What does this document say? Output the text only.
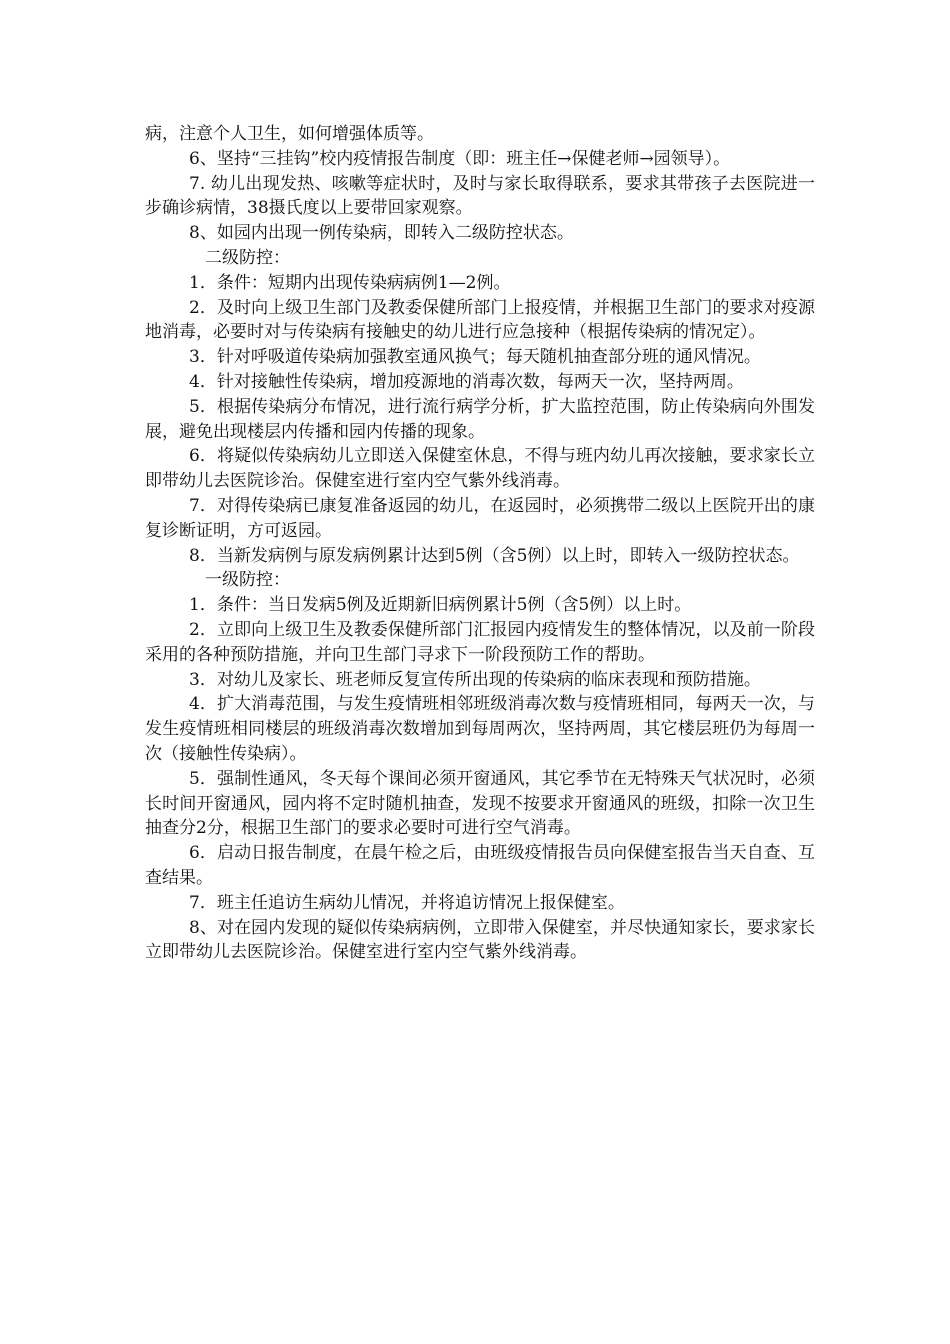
病，注意个人卫生，如何增强体质等。

6、坚持“三挂钩”校内疫情报告制度（即：班主任→保健老师→园领导）。

7. 幼儿出现发热、咳嗽等症状时，及时与家长取得联系，要求其带孩子去医院进一步确诊病情，38摄氏度以上要带回家观察。

8、如园内出现一例传染病，即转入二级防控状态。

二级防控：

1．条件：短期内出现传染病病例1—2例。

2．及时向上级卫生部门及教委保健所部门上报疫情，并根据卫生部门的要求对疫源地消毒，必要时对与传染病有接触史的幼儿进行应急接种（根据传染病的情况定）。

3．针对呼吸道传染病加强教室通风换气；每天随机抽查部分班的通风情况。

4．针对接触性传染病，增加疫源地的消毒次数，每两天一次，坚持两周。

5．根据传染病分布情况，进行流行病学分析，扩大监控范围，防止传染病向外围发展，避免出现楼层内传播和园内传播的现象。

6．将疑似传染病幼儿立即送入保健室休息，不得与班内幼儿再次接触，要求家长立即带幼儿去医院诊治。保健室进行室内空气紫外线消毒。

7．对得传染病已康复准备返园的幼儿，在返园时，必须携带二级以上医院开出的康复诊断证明，方可返园。

8．当新发病例与原发病例累计达到5例（含5例）以上时，即转入一级防控状态。

一级防控：

1．条件：当日发病5例及近期新旧病例累计5例（含5例）以上时。

2．立即向上级卫生及教委保健所部门汇报园内疫情发生的整体情况，以及前一阶段采用的各种预防措施，并向卫生部门寻求下一阶段预防工作的帮助。

3．对幼儿及家长、班老师反复宣传所出现的传染病的临床表现和预防措施。

4．扩大消毒范围，与发生疫情班相邻班级消毒次数与疫情班相同，每两天一次，与发生疫情班相同楼层的班级消毒次数增加到每周两次，坚持两周，其它楼层班仍为每周一次（接触性传染病）。

5．强制性通风，冬天每个课间必须开窗通风，其它季节在无特殊天气状况时，必须长时间开窗通风，园内将不定时随机抽查，发现不按要求开窗通风的班级，扣除一次卫生抽查分2分，根据卫生部门的要求必要时可进行空气消毒。

6．启动日报告制度，在晨午检之后，由班级疫情报告员向保健室报告当天自查、互查结果。

7．班主任追访生病幼儿情况，并将追访情况上报保健室。

8、对在园内发现的疑似传染病病例，立即带入保健室，并尽快通知家长，要求家长立即带幼儿去医院诊治。保健室进行室内空气紫外线消毒。
